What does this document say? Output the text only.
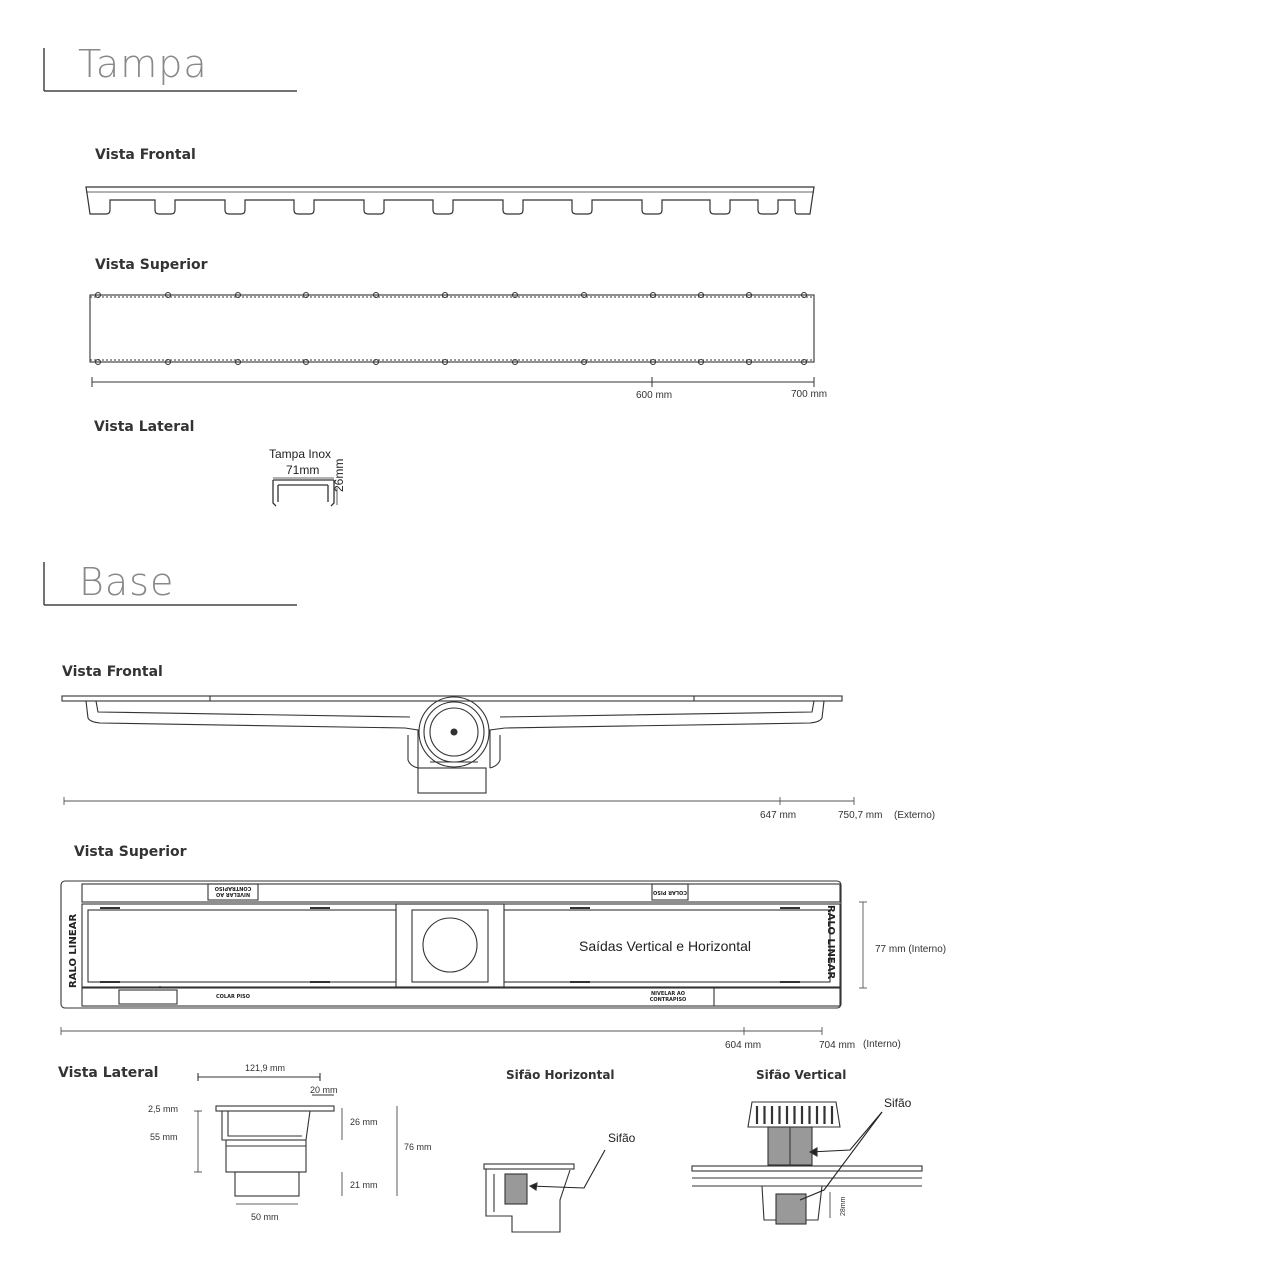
Tampa
Vista Frontal
Vista Superior
600 mm	700 mm
Vista Lateral
Tampa Inox
71mm 26mm
Base
Vista Frontal
647 mm	750,7 mm (Externo)
Vista Superior
RALO LINEAR	RALO LINEAR
NIVELAR AO CONTRAPISO
COLAR PISO
COLAR PISO	NIVELAR AO CONTRAPISO
Saídas Vertical e Horizontal	77 mm (Interno)
604 mm	704 mm (Interno)
Vista Lateral	121,9 mm
20 mm
2,5 mm
26 mm
55 mm
76 mm
21 mm
50 mm
Sifão Horizontal
Sifão
Sifão Vertical
Sifão
28mm
